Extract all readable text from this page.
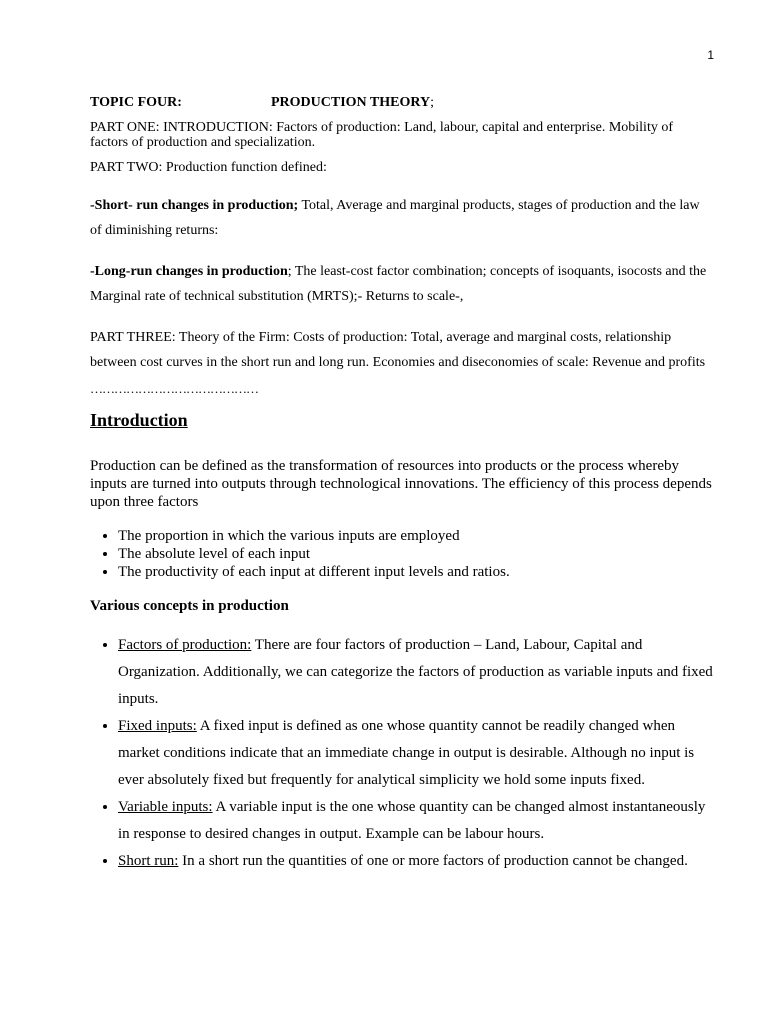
1
TOPIC FOUR:	PRODUCTION THEORY;

PART ONE: INTRODUCTION: Factors of production: Land, labour, capital and enterprise. Mobility of factors of production and specialization.

PART TWO: Production function defined:

-Short- run changes in production; Total, Average and marginal products, stages of production and the law of diminishing returns:

-Long-run changes in production; The least-cost factor combination; concepts of isoquants, isocosts and the Marginal rate of technical substitution (MRTS);- Returns to scale-,

PART THREE: Theory of the Firm: Costs of production: Total, average and marginal costs, relationship between cost curves in the short run and long run. Economies and diseconomies of scale: Revenue and profits

……………………………………

Introduction

Production can be defined as the transformation of resources into products or the process whereby inputs are turned into outputs through technological innovations. The efficiency of this process depends upon three factors

• The proportion in which the various inputs are employed
• The absolute level of each input
• The productivity of each input at different input levels and ratios.

Various concepts in production

• Factors of production: There are four factors of production – Land, Labour, Capital and Organization. Additionally, we can categorize the factors of production as variable inputs and fixed inputs.
• Fixed inputs: A fixed input is defined as one whose quantity cannot be readily changed when market conditions indicate that an immediate change in output is desirable. Although no input is ever absolutely fixed but frequently for analytical simplicity we hold some inputs fixed.
• Variable inputs: A variable input is the one whose quantity can be changed almost instantaneously in response to desired changes in output. Example can be labour hours.
• Short run: In a short run the quantities of one or more factors of production cannot be changed.
